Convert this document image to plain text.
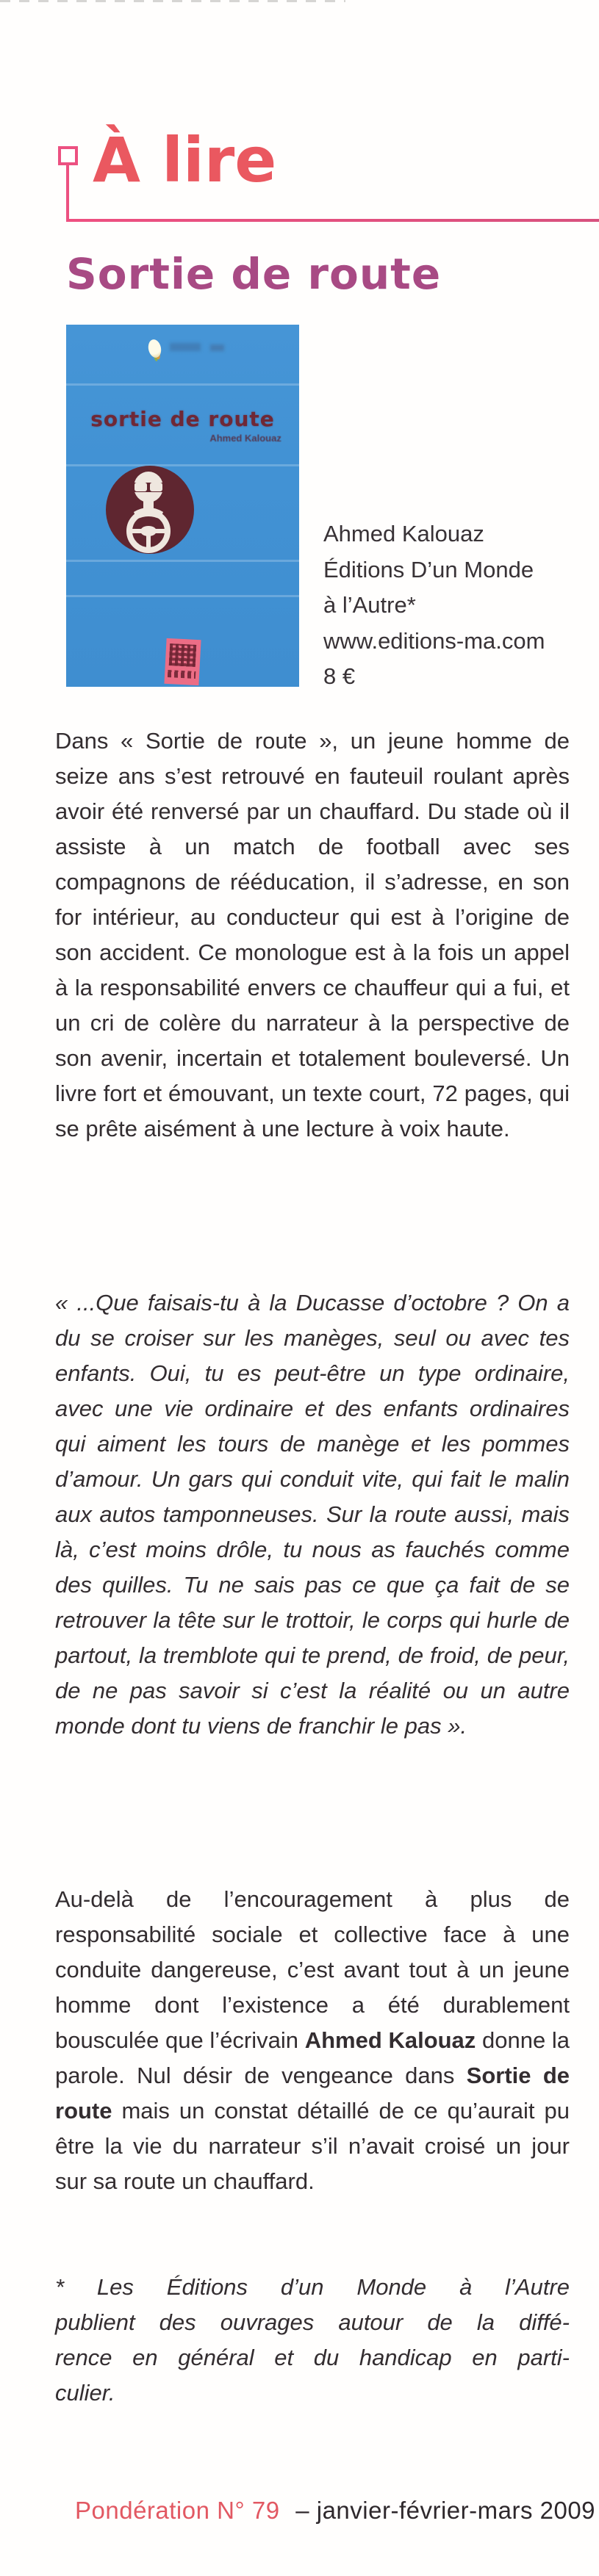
À lire
Sortie de route
sortie de route
Ahmed Kalouaz
Ahmed Kalouaz
Éditions D’un Monde
à l’Autre*
www.editions-ma.com
8 €
Dans « Sortie de route », un jeune homme de seize ans s’est retrouvé en fauteuil roulant après avoir été renversé par un chauffard. Du stade où il assiste à un match de football avec ses compagnons de rééducation, il s’adresse, en son for intérieur, au conducteur qui est à l’origine de son accident. Ce monologue est à la fois un appel à la responsabilité envers ce chauffeur qui a fui, et un cri de colère du narrateur à la perspective de son avenir, incertain et totalement bouleversé. Un livre fort et émouvant, un texte court, 72 pages, qui se prête aisément à une lecture à voix haute.
« ...Que faisais-tu à la Ducasse d’octobre ? On a du se croiser sur les manèges, seul ou avec tes enfants. Oui, tu es peut-être un type ordinaire, avec une vie ordinaire et des enfants ordinaires qui aiment les tours de manège et les pommes d’amour. Un gars qui conduit vite, qui fait le malin aux autos tamponneuses. Sur la route aussi, mais là, c’est moins drôle, tu nous as fauchés comme des quilles. Tu ne sais pas ce que ça fait de se retrouver la tête sur le trottoir, le corps qui hurle de partout, la tremblote qui te prend, de froid, de peur, de ne pas savoir si c’est la réalité ou un autre monde dont tu viens de franchir le pas ».
Au-delà de l’encouragement à plus de responsabilité sociale et collective face à une conduite dangereuse, c’est avant tout à un jeune homme dont l’existence a été durablement bousculée que l’écrivain Ahmed Kalouaz donne la parole. Nul désir de vengeance dans Sortie de route mais un constat détaillé de ce qu’aurait pu être la vie du narrateur s’il n’avait croisé un jour sur sa route un chauffard.
* Les Éditions d’un Monde à l’Autre
publient des ouvrages autour de la diffé-
rence en général et du handicap en parti-
culier.
Pondération N° 79 – janvier-février-mars 2009
